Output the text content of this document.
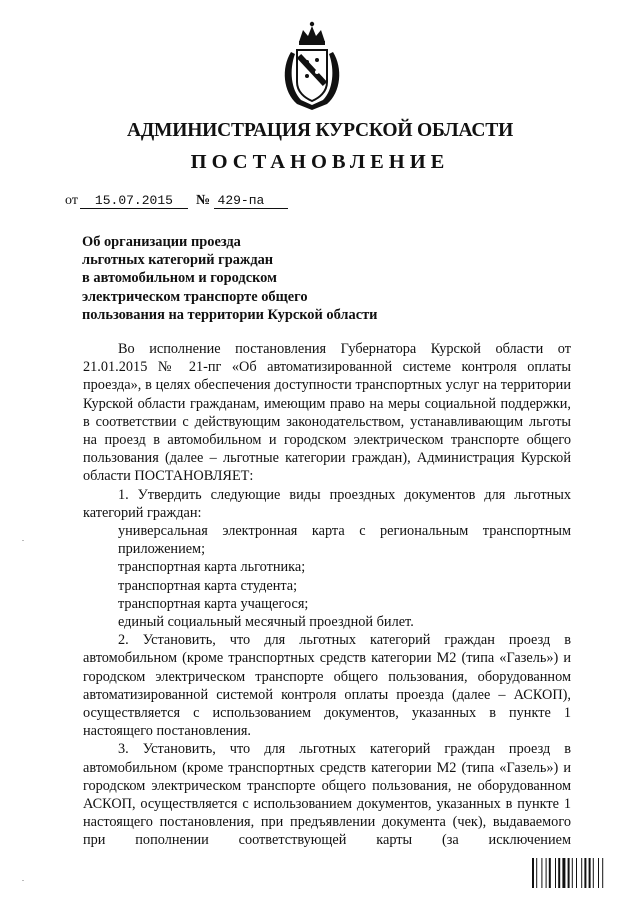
АДМИНИСТРАЦИЯ КУРСКОЙ ОБЛАСТИ
ПОСТАНОВЛЕНИЕ
от 15.07.2015 № 429-па
Об организации проезда
льготных категорий граждан
в автомобильном и городском
электрическом транспорте общего
пользования на территории Курской области

Во исполнение постановления Губернатора Курской области от 21.01.2015 № 21-пг «Об автоматизированной системе контроля оплаты проезда», в целях обеспечения доступности транспортных услуг на территории Курской области гражданам, имеющим право на меры социальной поддержки, в соответствии с действующим законодательством, устанавливающим льготы на проезд в автомобильном и городском электрическом транспорте общего пользования (далее – льготные категории граждан), Администрация Курской области ПОСТАНОВЛЯЕТ:

1. Утвердить следующие виды проездных документов для льготных категорий граждан:

универсальная электронная карта с региональным транспортным приложением;

транспортная карта льготника;

транспортная карта студента;

транспортная карта учащегося;

единый социальный месячный проездной билет.

2. Установить, что для льготных категорий граждан проезд в автомобильном (кроме транспортных средств категории М2 (типа «Газель») и городском электрическом транспорте общего пользования, оборудованном автоматизированной системой контроля оплаты проезда (далее – АСКОП), осуществляется с использованием документов, указанных в пункте 1 настоящего постановления.

3. Установить, что для льготных категорий граждан проезд в автомобильном (кроме транспортных средств категории М2 (типа «Газель») и городском электрическом транспорте общего пользования, не оборудованном АСКОП, осуществляется с использованием документов, указанных в пункте 1 настоящего постановления, при предъявлении документа (чек), выдаваемого при пополнении соответствующей карты (за исключением
